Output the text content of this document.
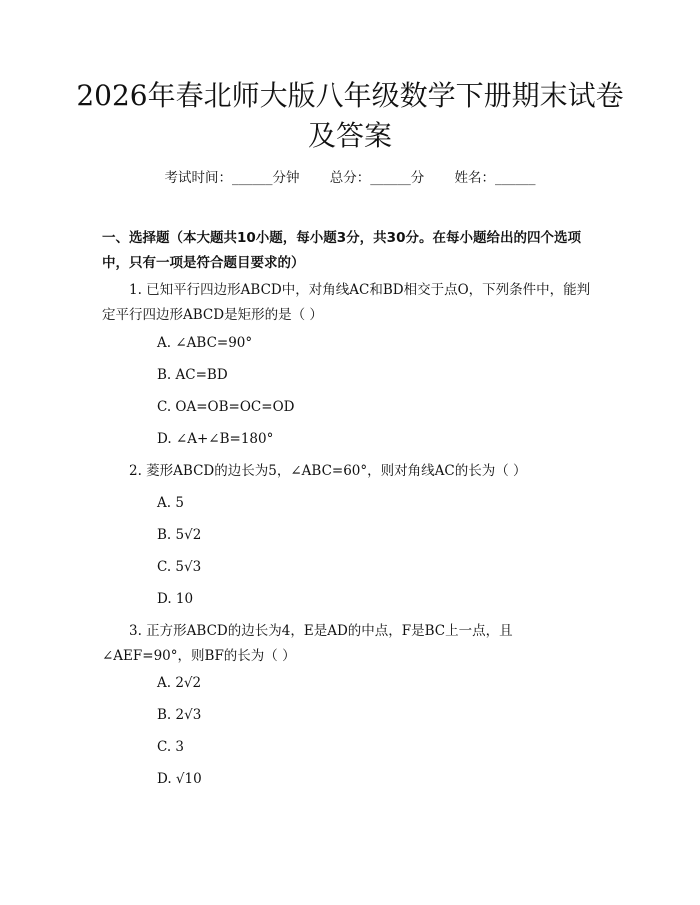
2026年春北师大版八年级数学下册期末试卷
及答案
考试时间：______分钟 总分：______分 姓名：______
一、选择题（本大题共10小题，每小题3分，共30分。在每小题给出的四个选项中，只有一项是符合题目要求的）
1. 已知平行四边形ABCD中，对角线AC和BD相交于点O，下列条件中，能判定平行四边形ABCD是矩形的是（ ）
A. ∠ABC=90°
B. AC=BD
C. OA=OB=OC=OD
D. ∠A+∠B=180°
2. 菱形ABCD的边长为5，∠ABC=60°，则对角线AC的长为（ ）
A. 5
B. 5√2
C. 5√3
D. 10
3. 正方形ABCD的边长为4，E是AD的中点，F是BC上一点，且∠AEF=90°，则BF的长为（ ）
A. 2√2
B. 2√3
C. 3
D. √10
